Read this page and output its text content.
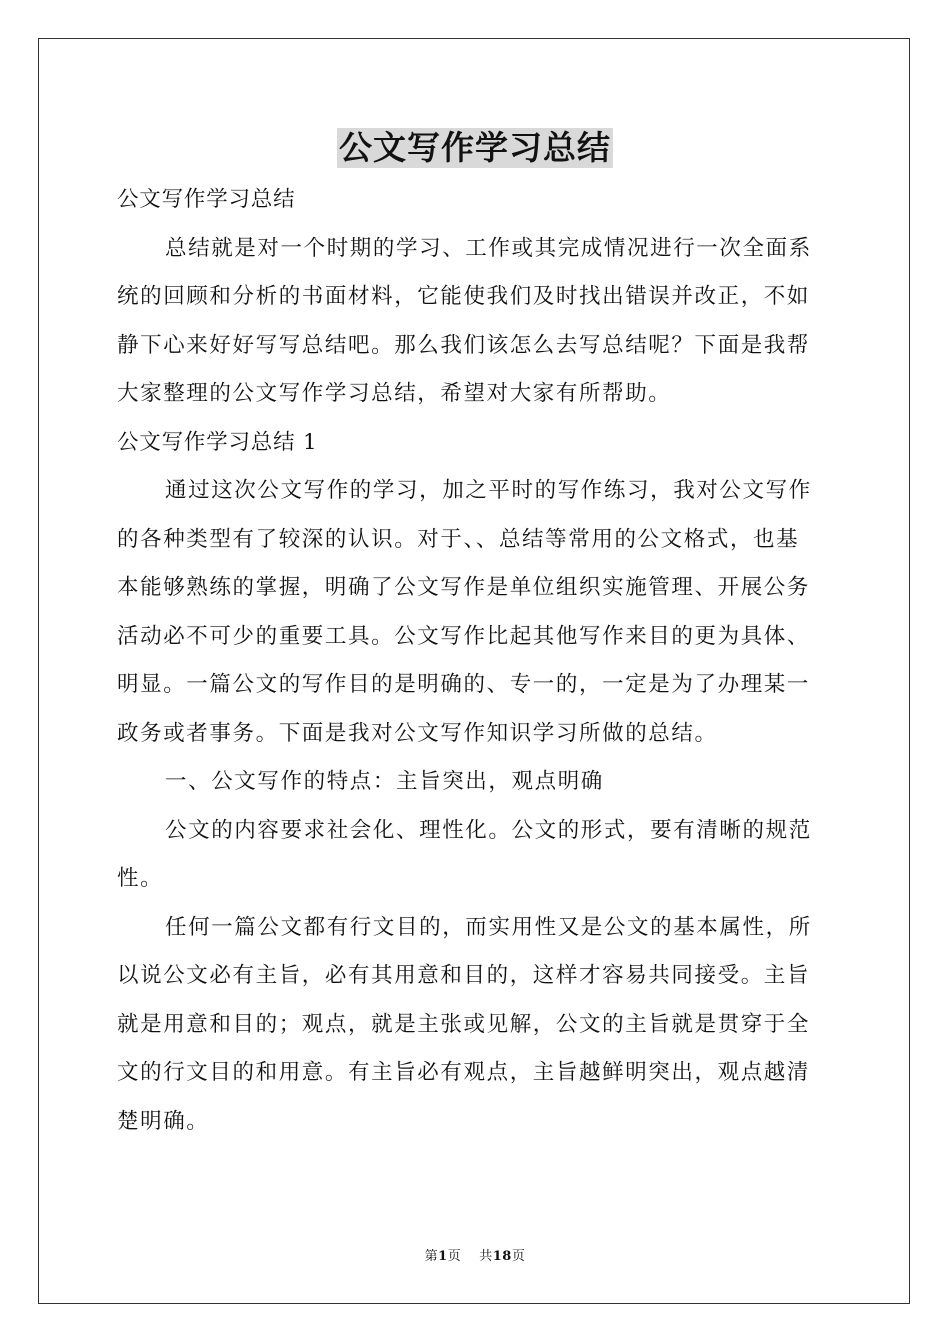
公文写作学习总结
公文写作学习总结
总结就是对一个时期的学习、工作或其完成情况进行一次全面系
统的回顾和分析的书面材料，它能使我们及时找出错误并改正，不如
静下心来好好写写总结吧。那么我们该怎么去写总结呢？下面是我帮
大家整理的公文写作学习总结，希望对大家有所帮助。
公文写作学习总结 1
通过这次公文写作的学习，加之平时的写作练习，我对公文写作
的各种类型有了较深的认识。对于、、总结等常用的公文格式，也基
本能够熟练的掌握，明确了公文写作是单位组织实施管理、开展公务
活动必不可少的重要工具。公文写作比起其他写作来目的更为具体、
明显。一篇公文的写作目的是明确的、专一的，一定是为了办理某一
政务或者事务。下面是我对公文写作知识学习所做的总结。
一、公文写作的特点：主旨突出，观点明确
公文的内容要求社会化、理性化。公文的形式，要有清晰的规范
性。
任何一篇公文都有行文目的，而实用性又是公文的基本属性，所
以说公文必有主旨，必有其用意和目的，这样才容易共同接受。主旨
就是用意和目的；观点，就是主张或见解，公文的主旨就是贯穿于全
文的行文目的和用意。有主旨必有观点，主旨越鲜明突出，观点越清
楚明确。
第1页 共18页
